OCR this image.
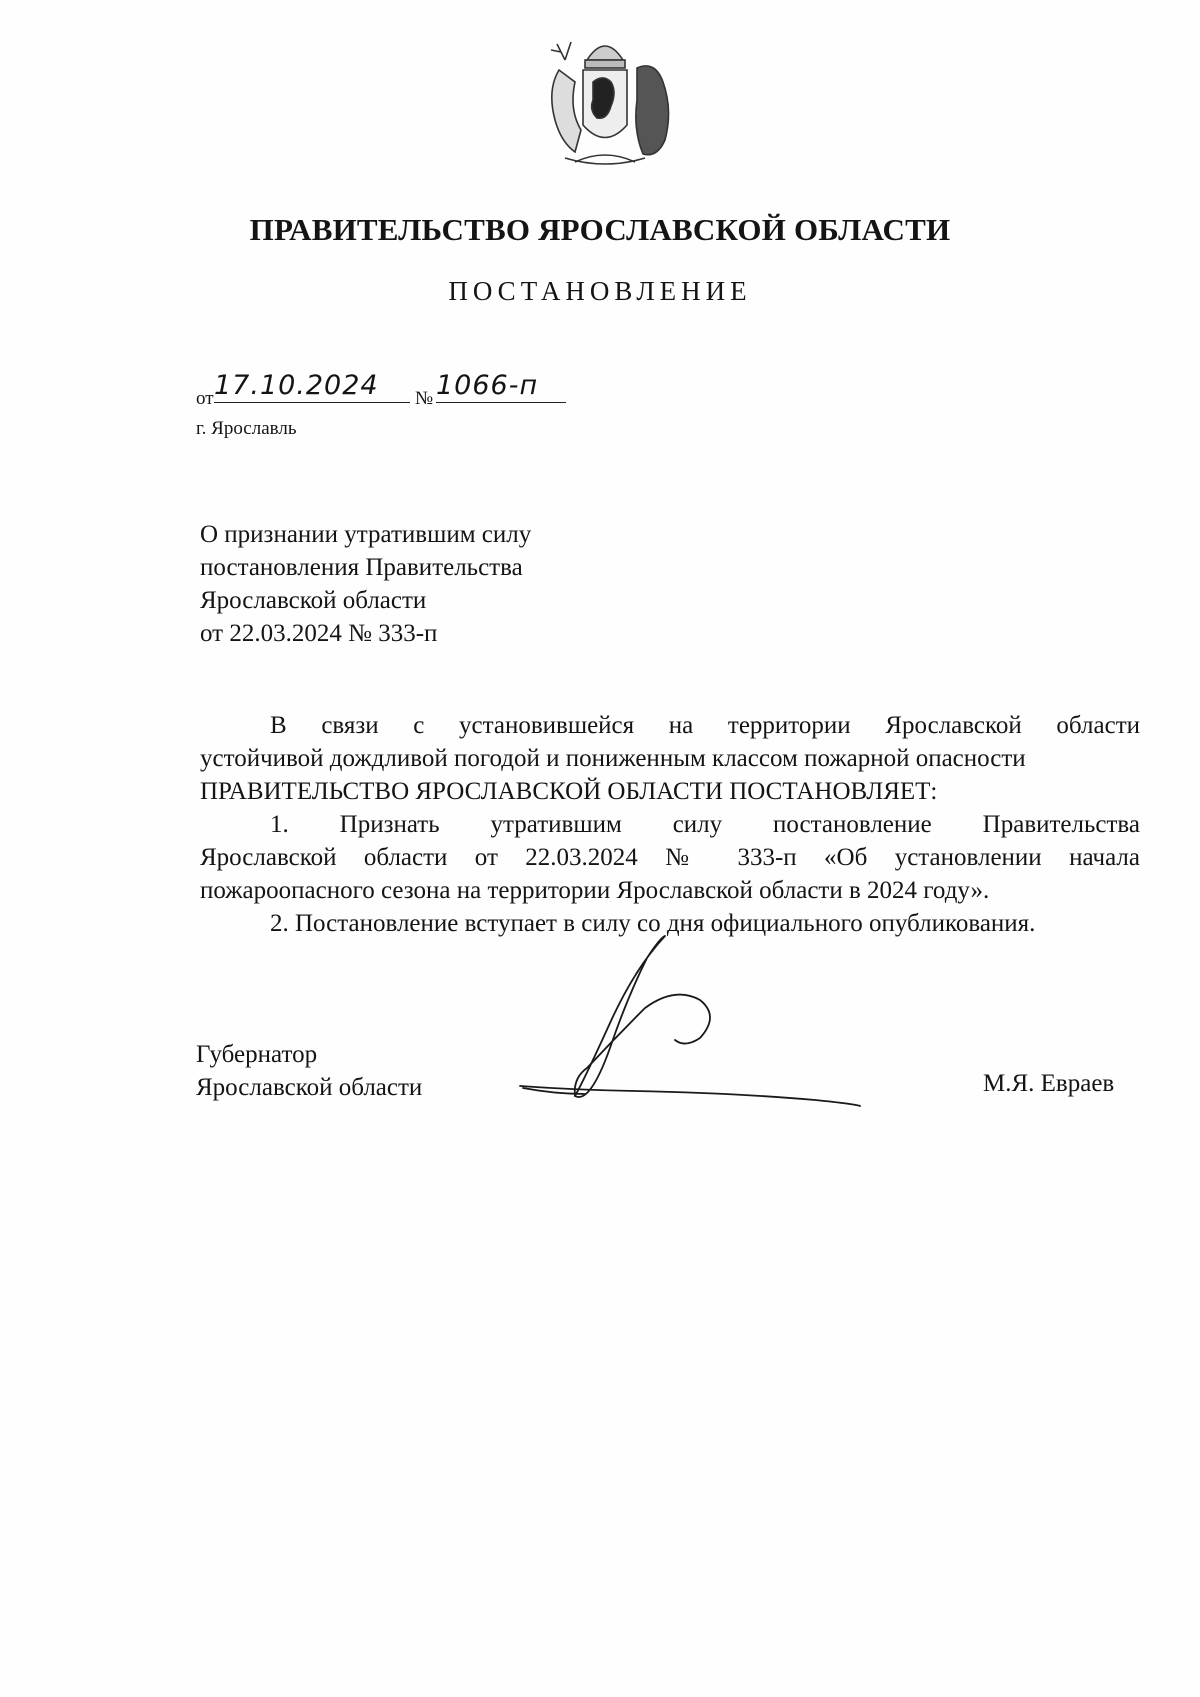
ПРАВИТЕЛЬСТВО ЯРОСЛАВСКОЙ ОБЛАСТИ
ПОСТАНОВЛЕНИЕ
от 17.10.2024 № 1066-п
г. Ярославль
О признании утратившим силу
постановления Правительства
Ярославской области
от 22.03.2024 № 333-п
В связи с установившейся на территории Ярославской области
устойчивой дождливой погодой и пониженным классом пожарной опасности
ПРАВИТЕЛЬСТВО ЯРОСЛАВСКОЙ ОБЛАСТИ ПОСТАНОВЛЯЕТ:
1. Признать утратившим силу постановление Правительства
Ярославской области от 22.03.2024 № 333-п «Об установлении начала
пожароопасного сезона на территории Ярославской области в 2024 году».
2. Постановление вступает в силу со дня официального опубликования.
Губернатор
Ярославской области	М.Я. Евраев
